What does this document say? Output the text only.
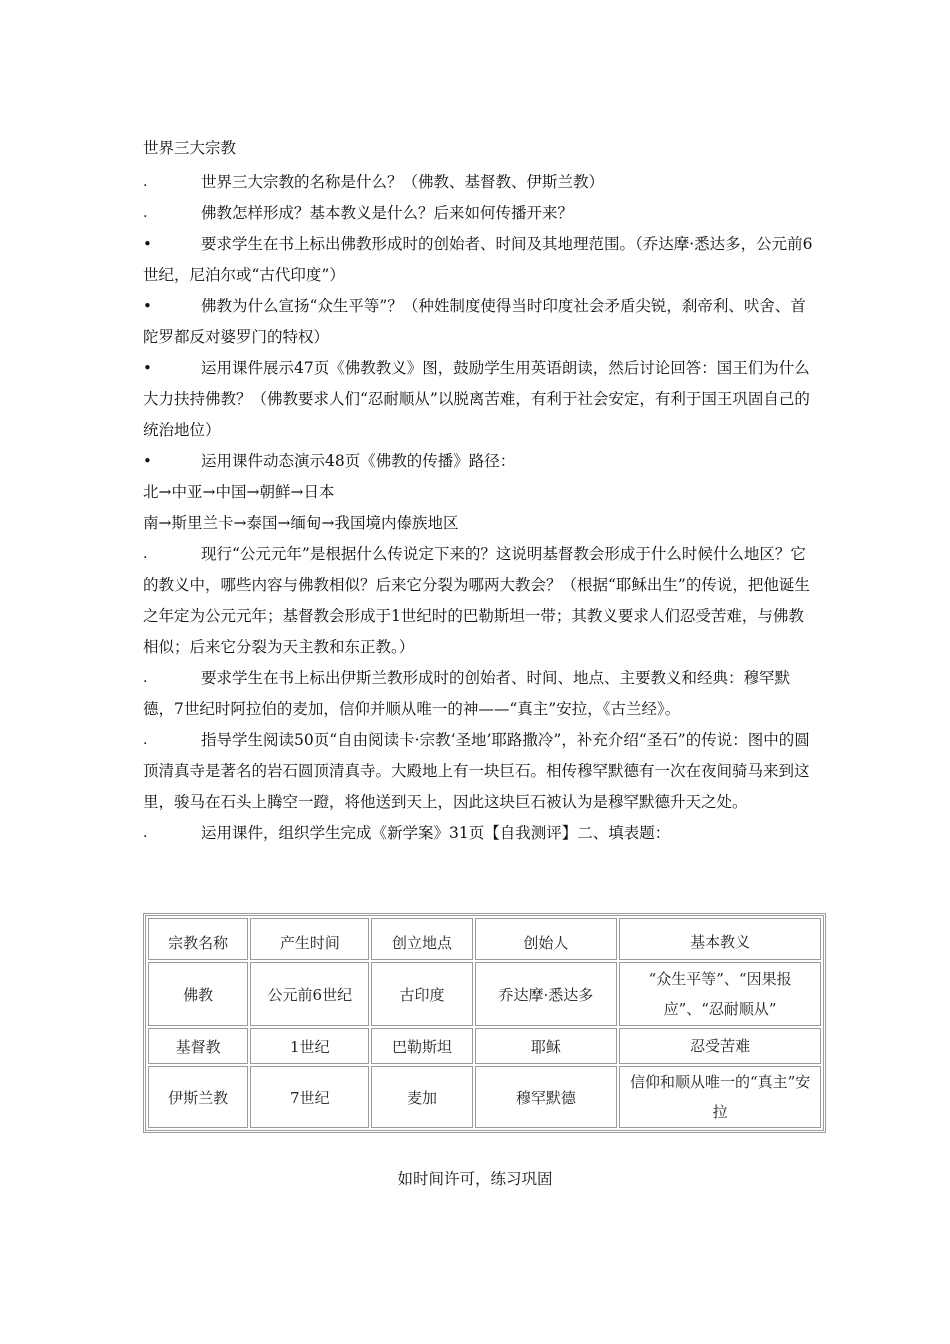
世界三大宗教
.	世界三大宗教的名称是什么？（佛教、基督教、伊斯兰教）

.	佛教怎样形成？基本教义是什么？后来如何传播开来？

•	要求学生在书上标出佛教形成时的创始者、时间及其地理范围。（乔达摩·悉达多，公元前6世纪，尼泊尔或“古代印度”）

•	佛教为什么宣扬“众生平等”？（种姓制度使得当时印度社会矛盾尖锐，刹帝利、吠舍、首陀罗都反对婆罗门的特权）

•	运用课件展示47页《佛教教义》图，鼓励学生用英语朗读，然后讨论回答：国王们为什么大力扶持佛教？（佛教要求人们“忍耐顺从”以脱离苦难，有利于社会安定，有利于国王巩固自己的统治地位）

•	运用课件动态演示48页《佛教的传播》路径：

北→中亚→中国→朝鲜→日本
南→斯里兰卡→泰国→缅甸→我国境内傣族地区
.	现行“公元元年”是根据什么传说定下来的？这说明基督教会形成于什么时候什么地区？它的教义中，哪些内容与佛教相似？后来它分裂为哪两大教会？（根据“耶稣出生”的传说，把他诞生之年定为公元元年；基督教会形成于1世纪时的巴勒斯坦一带；其教义要求人们忍受苦难，与佛教相似；后来它分裂为天主教和东正教。）

.	要求学生在书上标出伊斯兰教形成时的创始者、时间、地点、主要教义和经典：穆罕默德，7世纪时阿拉伯的麦加，信仰并顺从唯一的神——“真主”安拉，《古兰经》。

.	指导学生阅读50页“自由阅读卡·宗教‘圣地’耶路撒冷”，补充介绍“圣石”的传说：图中的圆顶清真寺是著名的岩石圆顶清真寺。大殿地上有一块巨石。相传穆罕默德有一次在夜间骑马来到这里，骏马在石头上腾空一蹬，将他送到天上，因此这块巨石被认为是穆罕默德升天之处。

.	运用课件，组织学生完成《新学案》31页【自我测评】二、填表题：

宗教名称	产生时间	创立地点	创始人	基本教义
佛教	公元前6世纪	古印度	乔达摩·悉达多	“众生平等”、“因果报应”、“忍耐顺从”
基督教	1世纪	巴勒斯坦	耶稣	忍受苦难
伊斯兰教	7世纪	麦加	穆罕默德	信仰和顺从唯一的“真主”安拉
如时间许可，练习巩固
